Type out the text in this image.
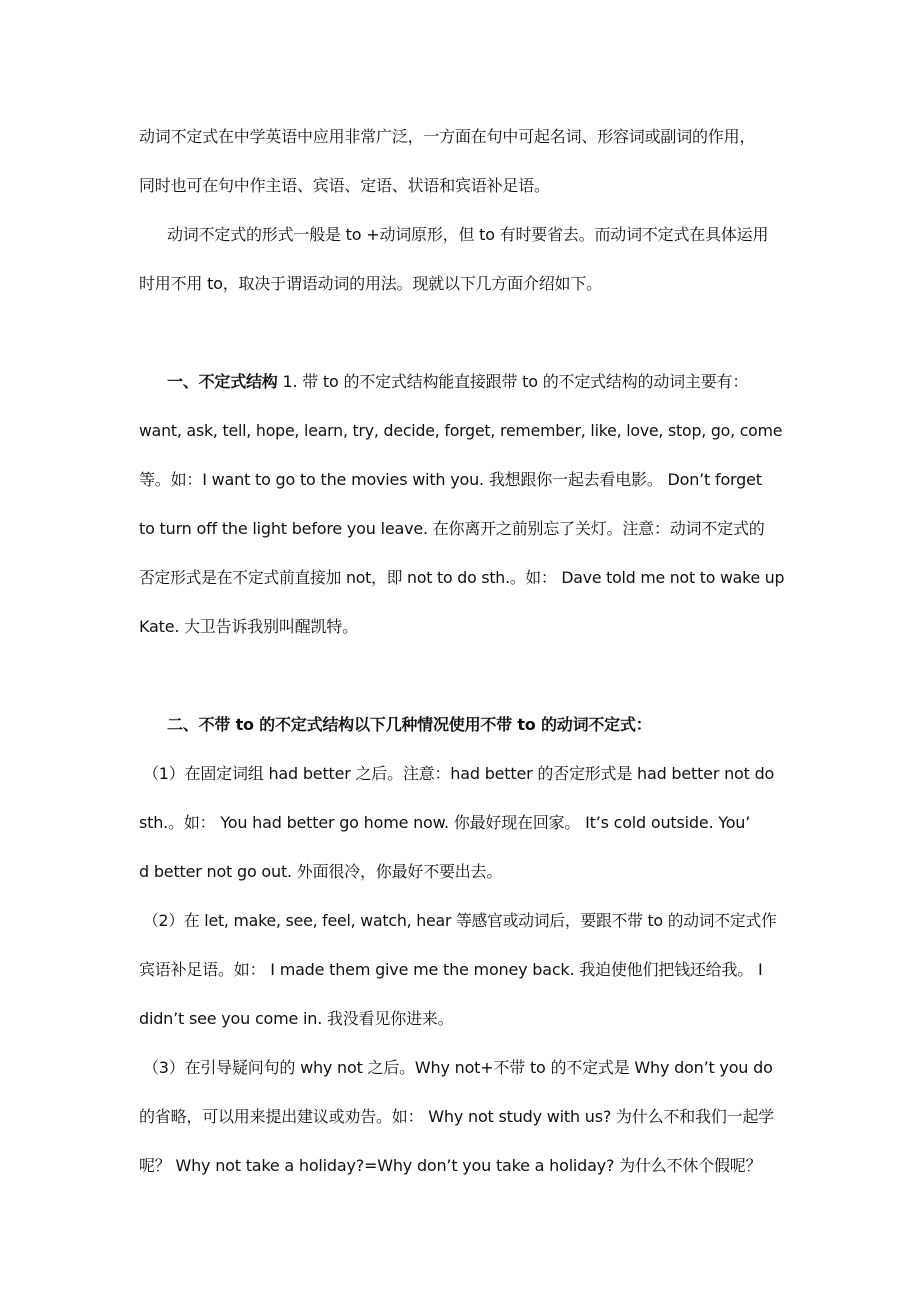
动词不定式在中学英语中应用非常广泛，一方面在句中可起名词、形容词或副词的作用，
同时也可在句中作主语、宾语、定语、状语和宾语补足语。
动词不定式的形式一般是 to +动词原形，但 to 有时要省去。而动词不定式在具体运用
时用不用 to，取决于谓语动词的用法。现就以下几方面介绍如下。
一、不定式结构 1. 带 to 的不定式结构能直接跟带 to 的不定式结构的动词主要有：
want, ask, tell, hope, learn, try, decide, forget, remember, like, love, stop, go, come
等。如：I want to go to the movies with you. 我想跟你一起去看电影。 Don’t forget
to turn off the light before you leave. 在你离开之前别忘了关灯。注意：动词不定式的
否定形式是在不定式前直接加 not，即 not to do sth.。如： Dave told me not to wake up
Kate. 大卫告诉我别叫醒凯特。
二、不带 to 的不定式结构以下几种情况使用不带 to 的动词不定式：
（1）在固定词组 had better 之后。注意：had better 的否定形式是 had better not do
sth.。如： You had better go home now. 你最好现在回家。 It’s cold outside. You’
d better not go out. 外面很冷，你最好不要出去。
（2）在 let, make, see, feel, watch, hear 等感官或动词后，要跟不带 to 的动词不定式作
宾语补足语。如： I made them give me the money back. 我迫使他们把钱还给我。 I
didn’t see you come in. 我没看见你进来。
（3）在引导疑问句的 why not 之后。Why not+不带 to 的不定式是 Why don’t you do
的省略，可以用来提出建议或劝告。如： Why not study with us? 为什么不和我们一起学
呢？ Why not take a holiday?=Why don’t you take a holiday? 为什么不休个假呢？
